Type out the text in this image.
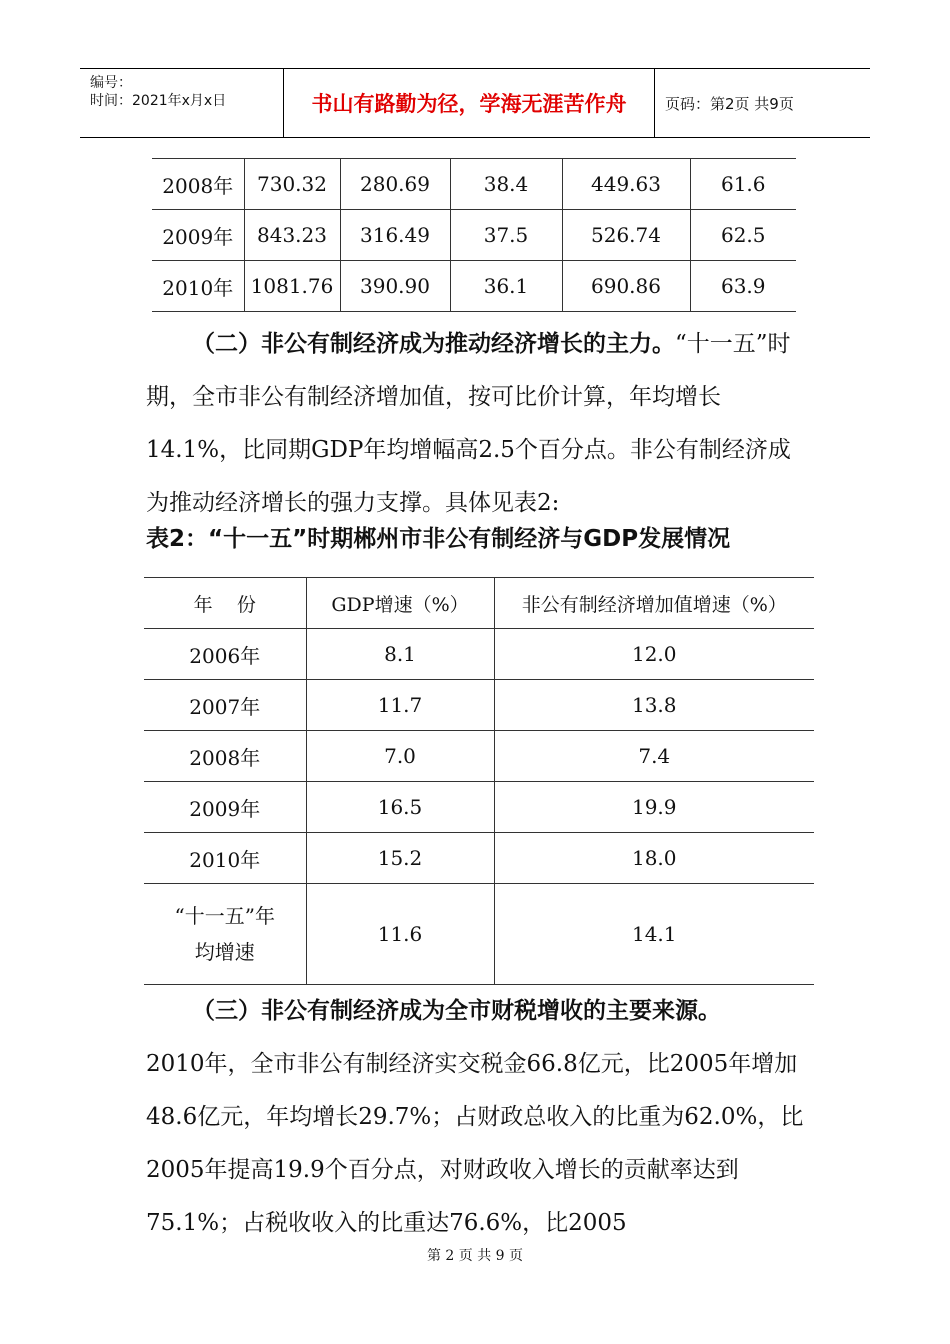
编号：
时间：2021年x月x日	书山有路勤为径，学海无涯苦作舟	页码：第2页 共9页
2008年	730.32	280.69	38.4	449.63	61.6
2009年	843.23	316.49	37.5	526.74	62.5
2010年	1081.76	390.90	36.1	690.86	63.9

（二）非公有制经济成为推动经济增长的主力。“十一五”时期，全市非公有制经济增加值，按可比价计算，年均增长14.1%，比同期GDP年均增幅高2.5个百分点。非公有制经济成为推动经济增长的强力支撑。具体见表2:

表2：“十一五”时期郴州市非公有制经济与GDP发展情况

年    份	GDP增速（%）	非公有制经济增加值增速（%）
2006年	8.1	12.0
2007年	11.7	13.8
2008年	7.0	7.4
2009年	16.5	19.9
2010年	15.2	18.0

“十一五”年
均增速	11.6	14.1

（三）非公有制经济成为全市财税增收的主要来源。
2010年，全市非公有制经济实交税金66.8亿元，比2005年增加48.6亿元，年均增长29.7%；占财政总收入的比重为62.0%，比2005年提高19.9个百分点，对财政收入增长的贡献率达到75.1%；占税收收入的比重达76.6%，比2005

第 2 页 共 9 页
